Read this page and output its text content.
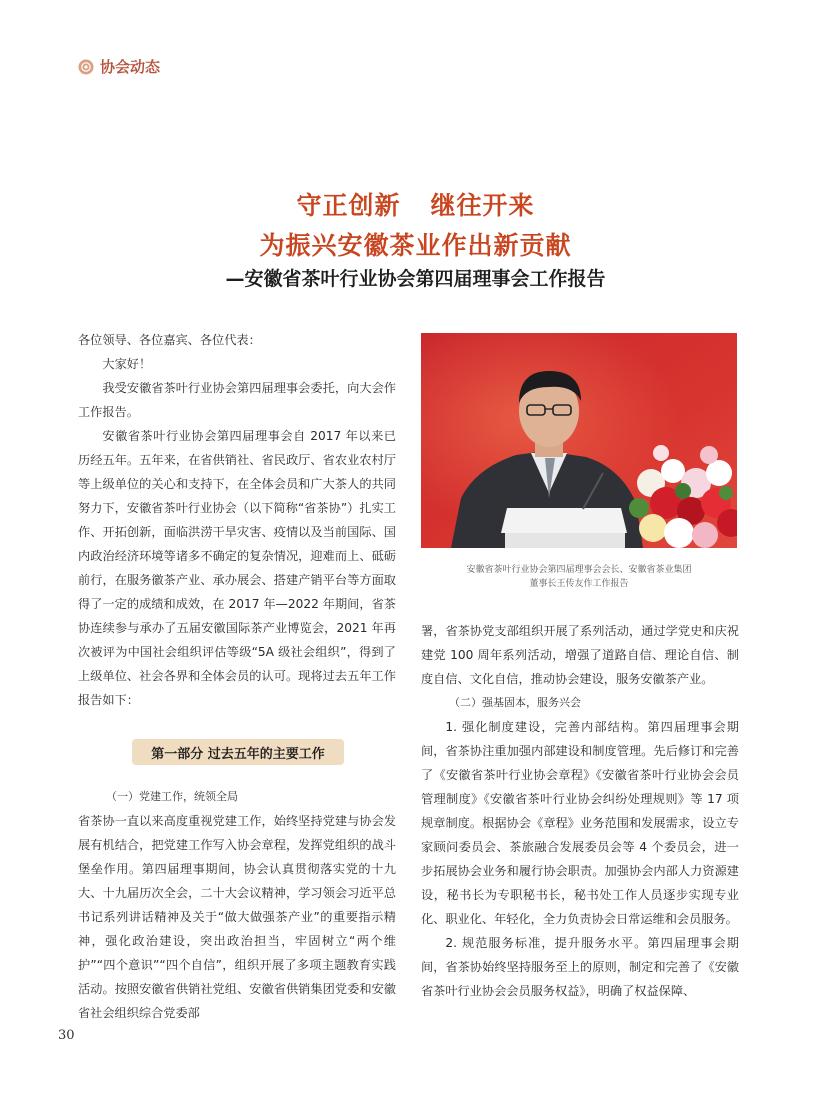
协会动态
守正创新 继往开来
为振兴安徽茶业作出新贡献
—安徽省茶叶行业协会第四届理事会工作报告

各位领导、各位嘉宾、各位代表：

大家好！

我受安徽省茶叶行业协会第四届理事会委托，向大会作工作报告。

安徽省茶叶行业协会第四届理事会自 2017 年以来已历经五年。五年来，在省供销社、省民政厅、省农业农村厅等上级单位的关心和支持下，在全体会员和广大茶人的共同努力下，安徽省茶叶行业协会（以下简称“省茶协”）扎实工作、开拓创新，面临洪涝干旱灾害、疫情以及当前国际、国内政治经济环境等诸多不确定的复杂情况，迎难而上、砥砺前行，在服务徽茶产业、承办展会、搭建产销平台等方面取得了一定的成绩和成效，在 2017 年—2022 年期间，省茶协连续参与承办了五届安徽国际茶产业博览会，2021 年再次被评为中国社会组织评估等级“5A 级社会组织”，得到了上级单位、社会各界和全体会员的认可。现将过去五年工作报告如下：

第一部分 过去五年的主要工作

（一）党建工作，统领全局

省茶协一直以来高度重视党建工作，始终坚持党建与协会发展有机结合，把党建工作写入协会章程，发挥党组织的战斗堡垒作用。第四届理事期间，协会认真贯彻落实党的十九大、十九届历次全会，二十大会议精神，学习领会习近平总书记系列讲话精神及关于“做大做强茶产业”的重要指示精神，强化政治建设，突出政治担当，牢固树立“两个维护”“四个意识”“四个自信”，组织开展了多项主题教育实践活动。按照安徽省供销社党组、安徽省供销集团党委和安徽省社会组织综合党委部

安徽省茶叶行业协会第四届理事会会长、安徽省茶业集团
董事长王传友作工作报告

署，省茶协党支部组织开展了系列活动，通过学党史和庆祝建党 100 周年系列活动，增强了道路自信、理论自信、制度自信、文化自信，推动协会建设，服务安徽茶产业。

（二）强基固本，服务兴会

1. 强化制度建设，完善内部结构。第四届理事会期间，省茶协注重加强内部建设和制度管理。先后修订和完善了《安徽省茶叶行业协会章程》《安徽省茶叶行业协会会员管理制度》《安徽省茶叶行业协会纠纷处理规则》等 17 项规章制度。根据协会《章程》业务范围和发展需求，设立专家顾问委员会、茶旅融合发展委员会等 4 个委员会，进一步拓展协会业务和履行协会职责。加强协会内部人力资源建设，秘书长为专职秘书长，秘书处工作人员逐步实现专业化、职业化、年轻化，全力负责协会日常运维和会员服务。

2. 规范服务标准，提升服务水平。第四届理事会期间，省茶协始终坚持服务至上的原则，制定和完善了《安徽省茶叶行业协会会员服务权益》，明确了权益保障、

30
